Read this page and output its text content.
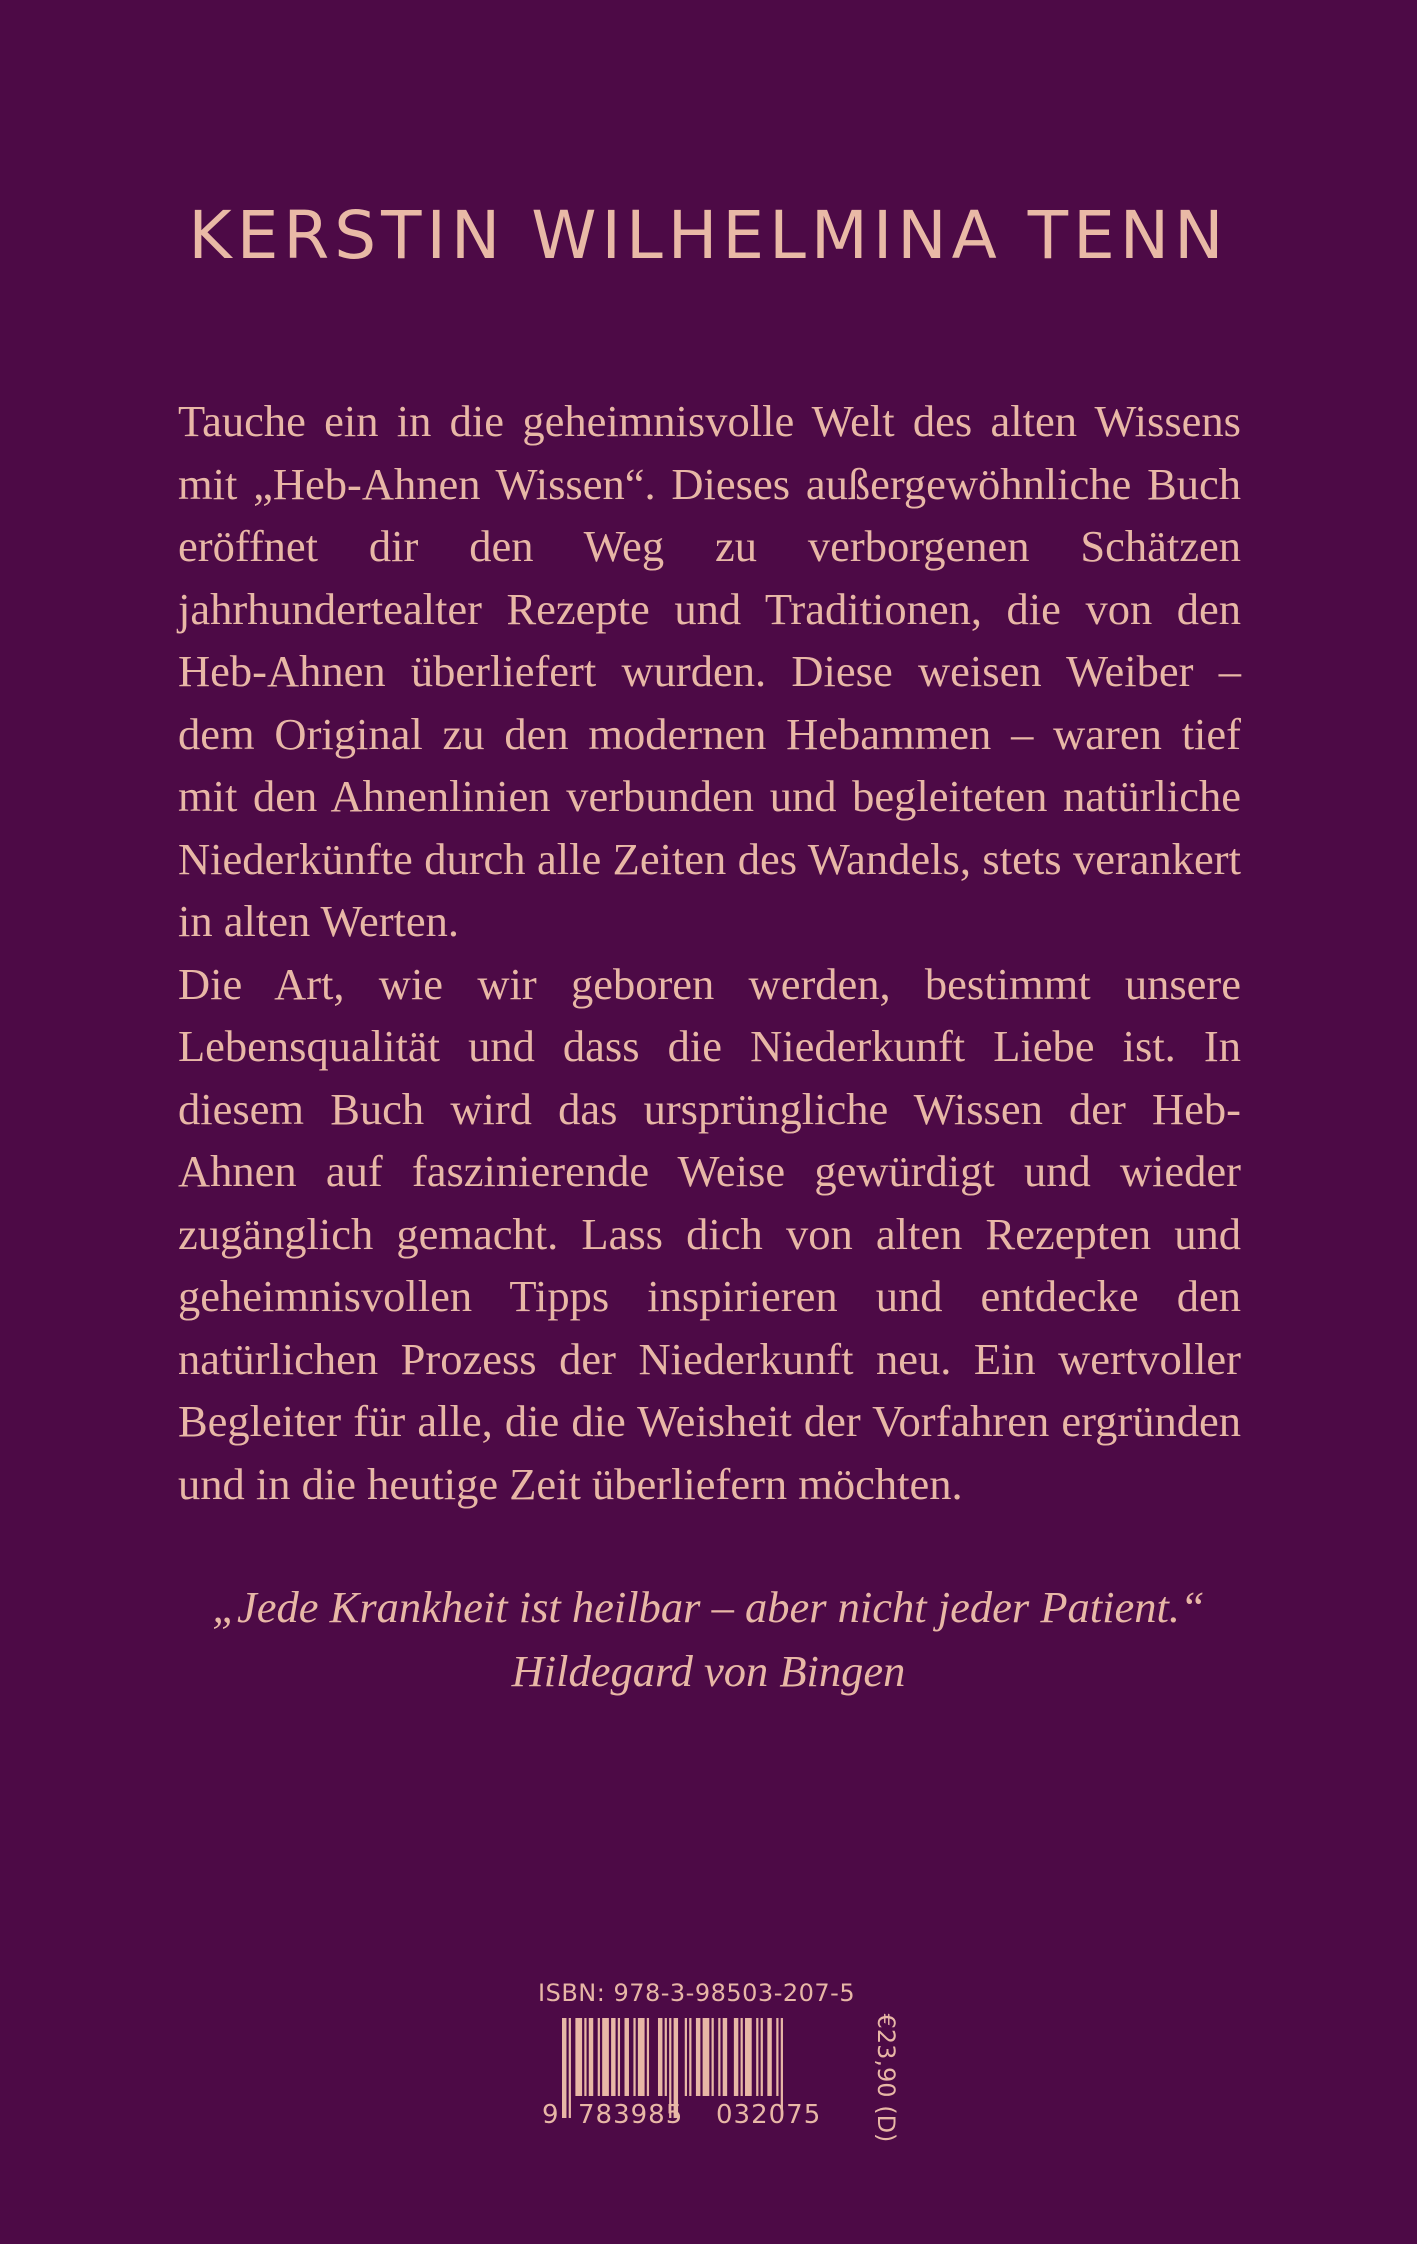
KERSTIN WILHELMINA TENN

Tauche ein in die geheimnisvolle Welt des alten Wissens mit „Heb-Ahnen Wissen“. Dieses außergewöhnliche Buch eröffnet dir den Weg zu verborgenen Schätzen jahrhundertealter Rezepte und Traditionen, die von den Heb-Ahnen überliefert wurden. Diese weisen Weiber – dem Original zu den modernen Hebammen – waren tief mit den Ahnenlinien verbunden und begleiteten natürliche Niederkünfte durch alle Zeiten des Wandels, stets verankert in alten Werten.

Die Art, wie wir geboren werden, bestimmt unsere Lebensqualität und dass die Niederkunft Liebe ist. In diesem Buch wird das ursprüngliche Wissen der Heb-Ahnen auf faszinierende Weise gewürdigt und wieder zugänglich gemacht. Lass dich von alten Rezepten und geheimnisvollen Tipps inspirieren und entdecke den natürlichen Prozess der Niederkunft neu. Ein wertvoller Begleiter für alle, die die Weisheit der Vorfahren ergründen und in die heutige Zeit überliefern möchten.

„Jede Krankheit ist heilbar – aber nicht jeder Patient.“
Hildegard von Bingen
ISBN: 978-3-98503-207-5
9 783985 032075 €23,90 (D)
